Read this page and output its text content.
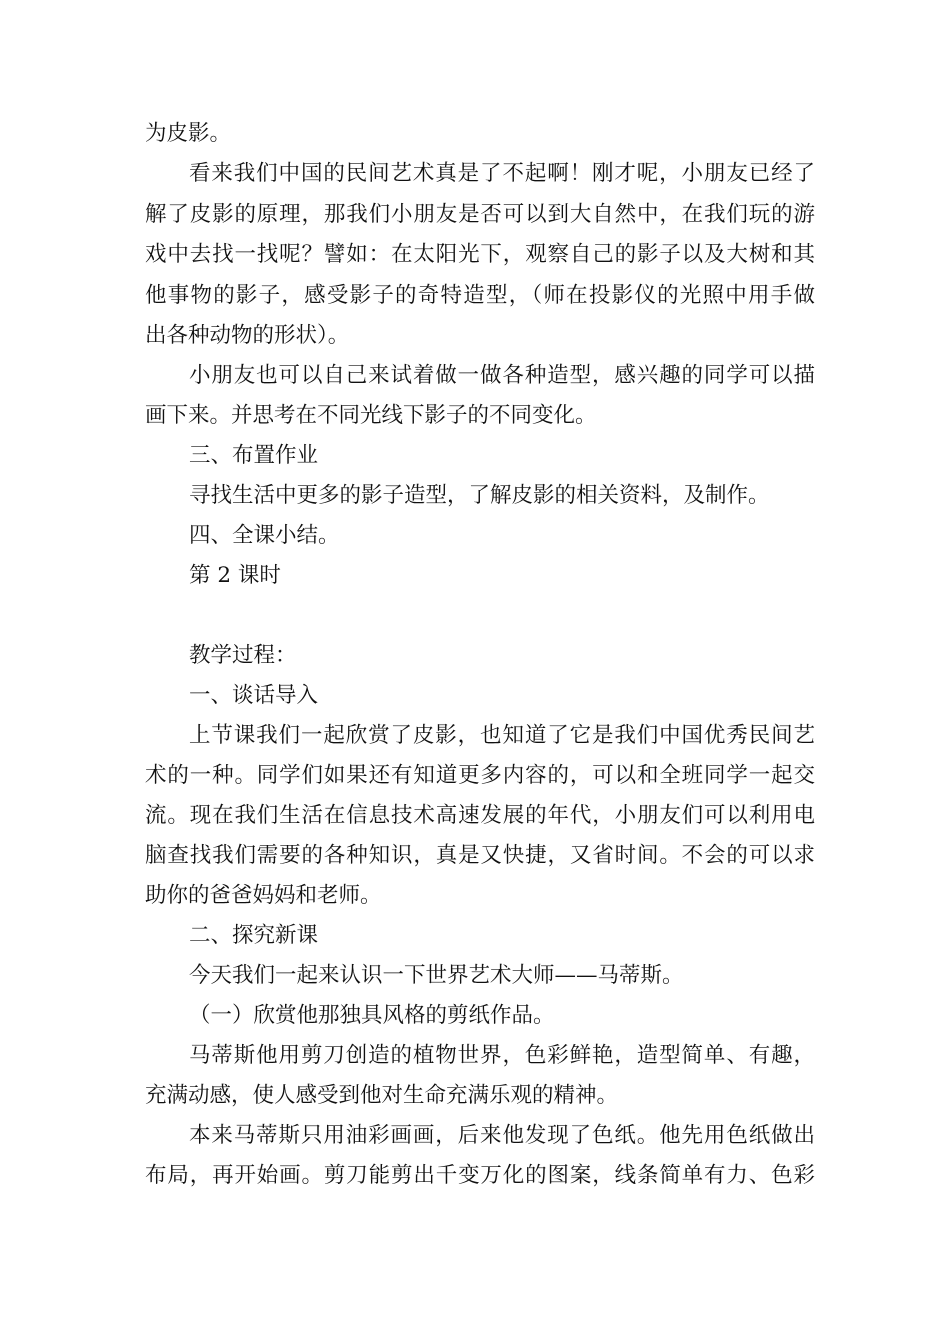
为皮影。
看来我们中国的民间艺术真是了不起啊！刚才呢，小朋友已经了
解了皮影的原理，那我们小朋友是否可以到大自然中，在我们玩的游
戏中去找一找呢？譬如：在太阳光下，观察自己的影子以及大树和其
他事物的影子，感受影子的奇特造型，（师在投影仪的光照中用手做
出各种动物的形状）。
小朋友也可以自己来试着做一做各种造型，感兴趣的同学可以描
画下来。并思考在不同光线下影子的不同变化。
三、布置作业
寻找生活中更多的影子造型，了解皮影的相关资料，及制作。
四、全课小结。
第 2 课时
教学过程：
一、谈话导入
上节课我们一起欣赏了皮影，也知道了它是我们中国优秀民间艺
术的一种。同学们如果还有知道更多内容的，可以和全班同学一起交
流。现在我们生活在信息技术高速发展的年代，小朋友们可以利用电
脑查找我们需要的各种知识，真是又快捷，又省时间。不会的可以求
助你的爸爸妈妈和老师。
二、探究新课
今天我们一起来认识一下世界艺术大师——马蒂斯。
（一）欣赏他那独具风格的剪纸作品。
马蒂斯他用剪刀创造的植物世界，色彩鲜艳，造型简单、有趣，
充满动感，使人感受到他对生命充满乐观的精神。
本来马蒂斯只用油彩画画，后来他发现了色纸。他先用色纸做出
布局，再开始画。剪刀能剪出千变万化的图案，线条简单有力、色彩
